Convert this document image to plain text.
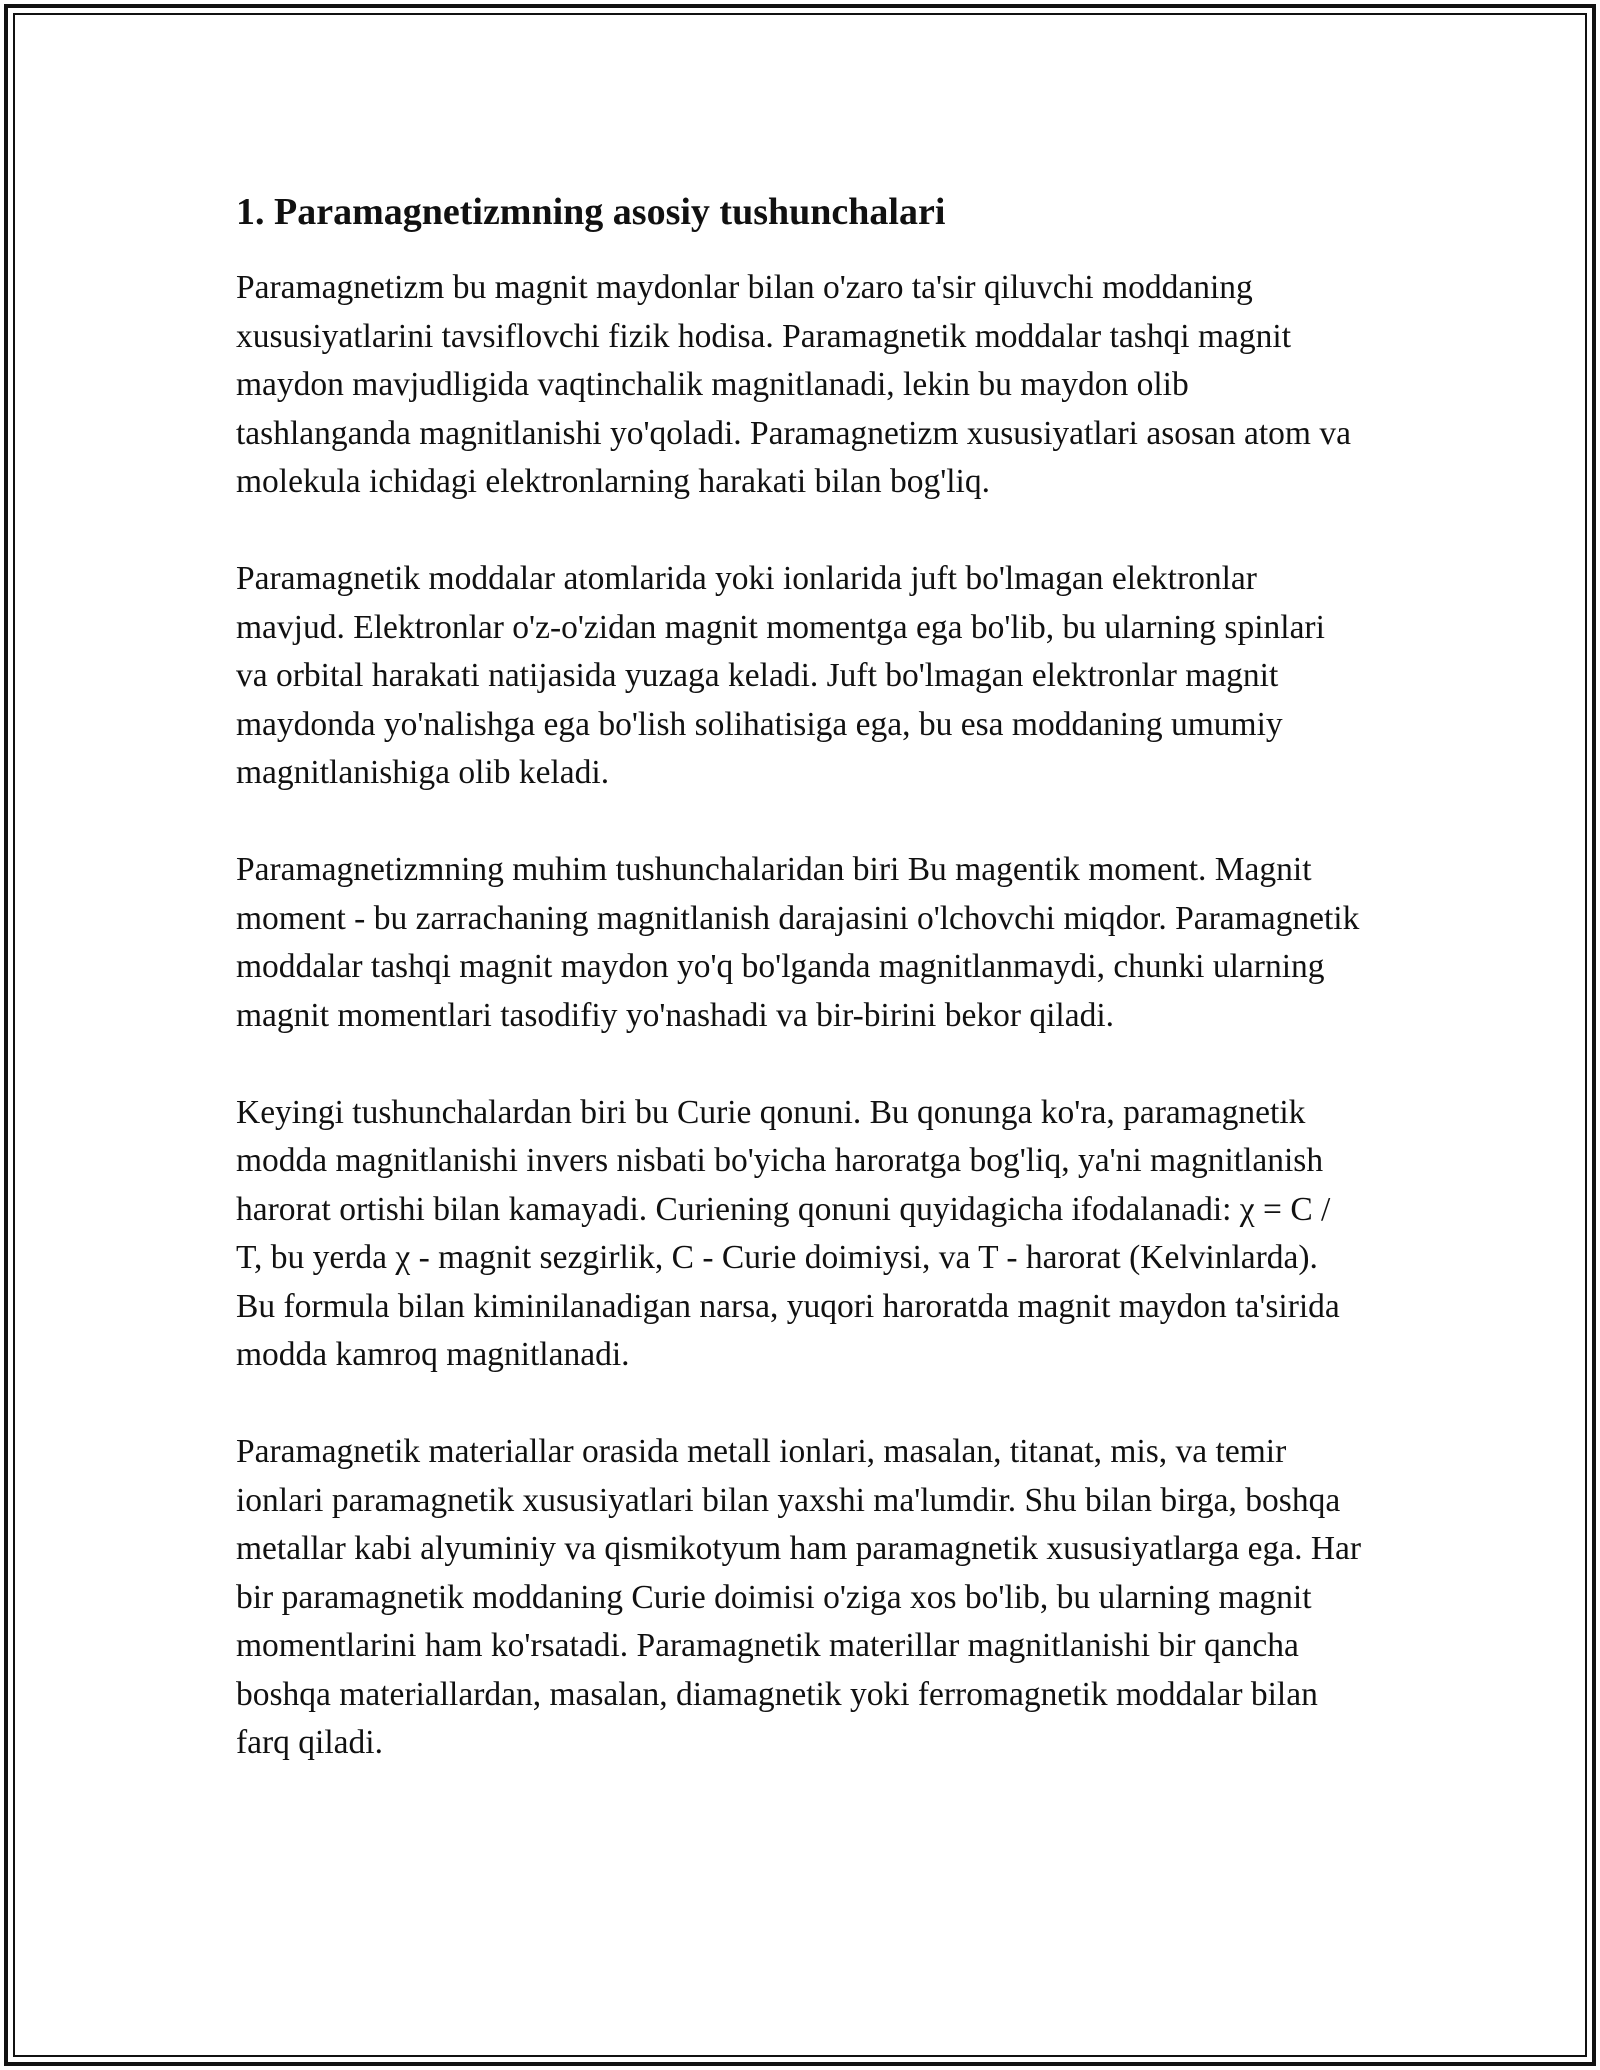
1. Paramagnetizmning asosiy tushunchalari

Paramagnetizm bu magnit maydonlar bilan o'zaro ta'sir qiluvchi moddaning xususiyatlarini tavsiflovchi fizik hodisa. Paramagnetik moddalar tashqi magnit maydon mavjudligida vaqtinchalik magnitlanadi, lekin bu maydon olib tashlanganda magnitlanishi yo'qoladi. Paramagnetizm xususiyatlari asosan atom va molekula ichidagi elektronlarning harakati bilan bog'liq.

Paramagnetik moddalar atomlarida yoki ionlarida juft bo'lmagan elektronlar mavjud. Elektronlar o'z-o'zidan magnit momentga ega bo'lib, bu ularning spinlari va orbital harakati natijasida yuzaga keladi. Juft bo'lmagan elektronlar magnit maydonda yo'nalishga ega bo'lish solihatisiga ega, bu esa moddaning umumiy magnitlanishiga olib keladi.

Paramagnetizmning muhim tushunchalaridan biri Bu magentik moment. Magnit moment - bu zarrachaning magnitlanish darajasini o'lchovchi miqdor. Paramagnetik moddalar tashqi magnit maydon yo'q bo'lganda magnitlanmaydi, chunki ularning magnit momentlari tasodifiy yo'nashadi va bir-birini bekor qiladi.

Keyingi tushunchalardan biri bu Curie qonuni. Bu qonunga ko'ra, paramagnetik modda magnitlanishi invers nisbati bo'yicha haroratga bog'liq, ya'ni magnitlanish harorat ortishi bilan kamayadi. Curiening qonuni quyidagicha ifodalanadi: χ = C / T, bu yerda χ - magnit sezgirlik, C - Curie doimiysi, va T - harorat (Kelvinlarda). Bu formula bilan kiminilanadigan narsa, yuqori haroratda magnit maydon ta'sirida modda kamroq magnitlanadi.

Paramagnetik materiallar orasida metall ionlari, masalan, titanat, mis, va temir ionlari paramagnetik xususiyatlari bilan yaxshi ma'lumdir. Shu bilan birga, boshqa metallar kabi alyuminiy va qismikotyum ham paramagnetik xususiyatlarga ega. Har bir paramagnetik moddaning Curie doimisi o'ziga xos bo'lib, bu ularning magnit momentlarini ham ko'rsatadi. Paramagnetik materillar magnitlanishi bir qancha boshqa materiallardan, masalan, diamagnetik yoki ferromagnetik moddalar bilan farq qiladi.
